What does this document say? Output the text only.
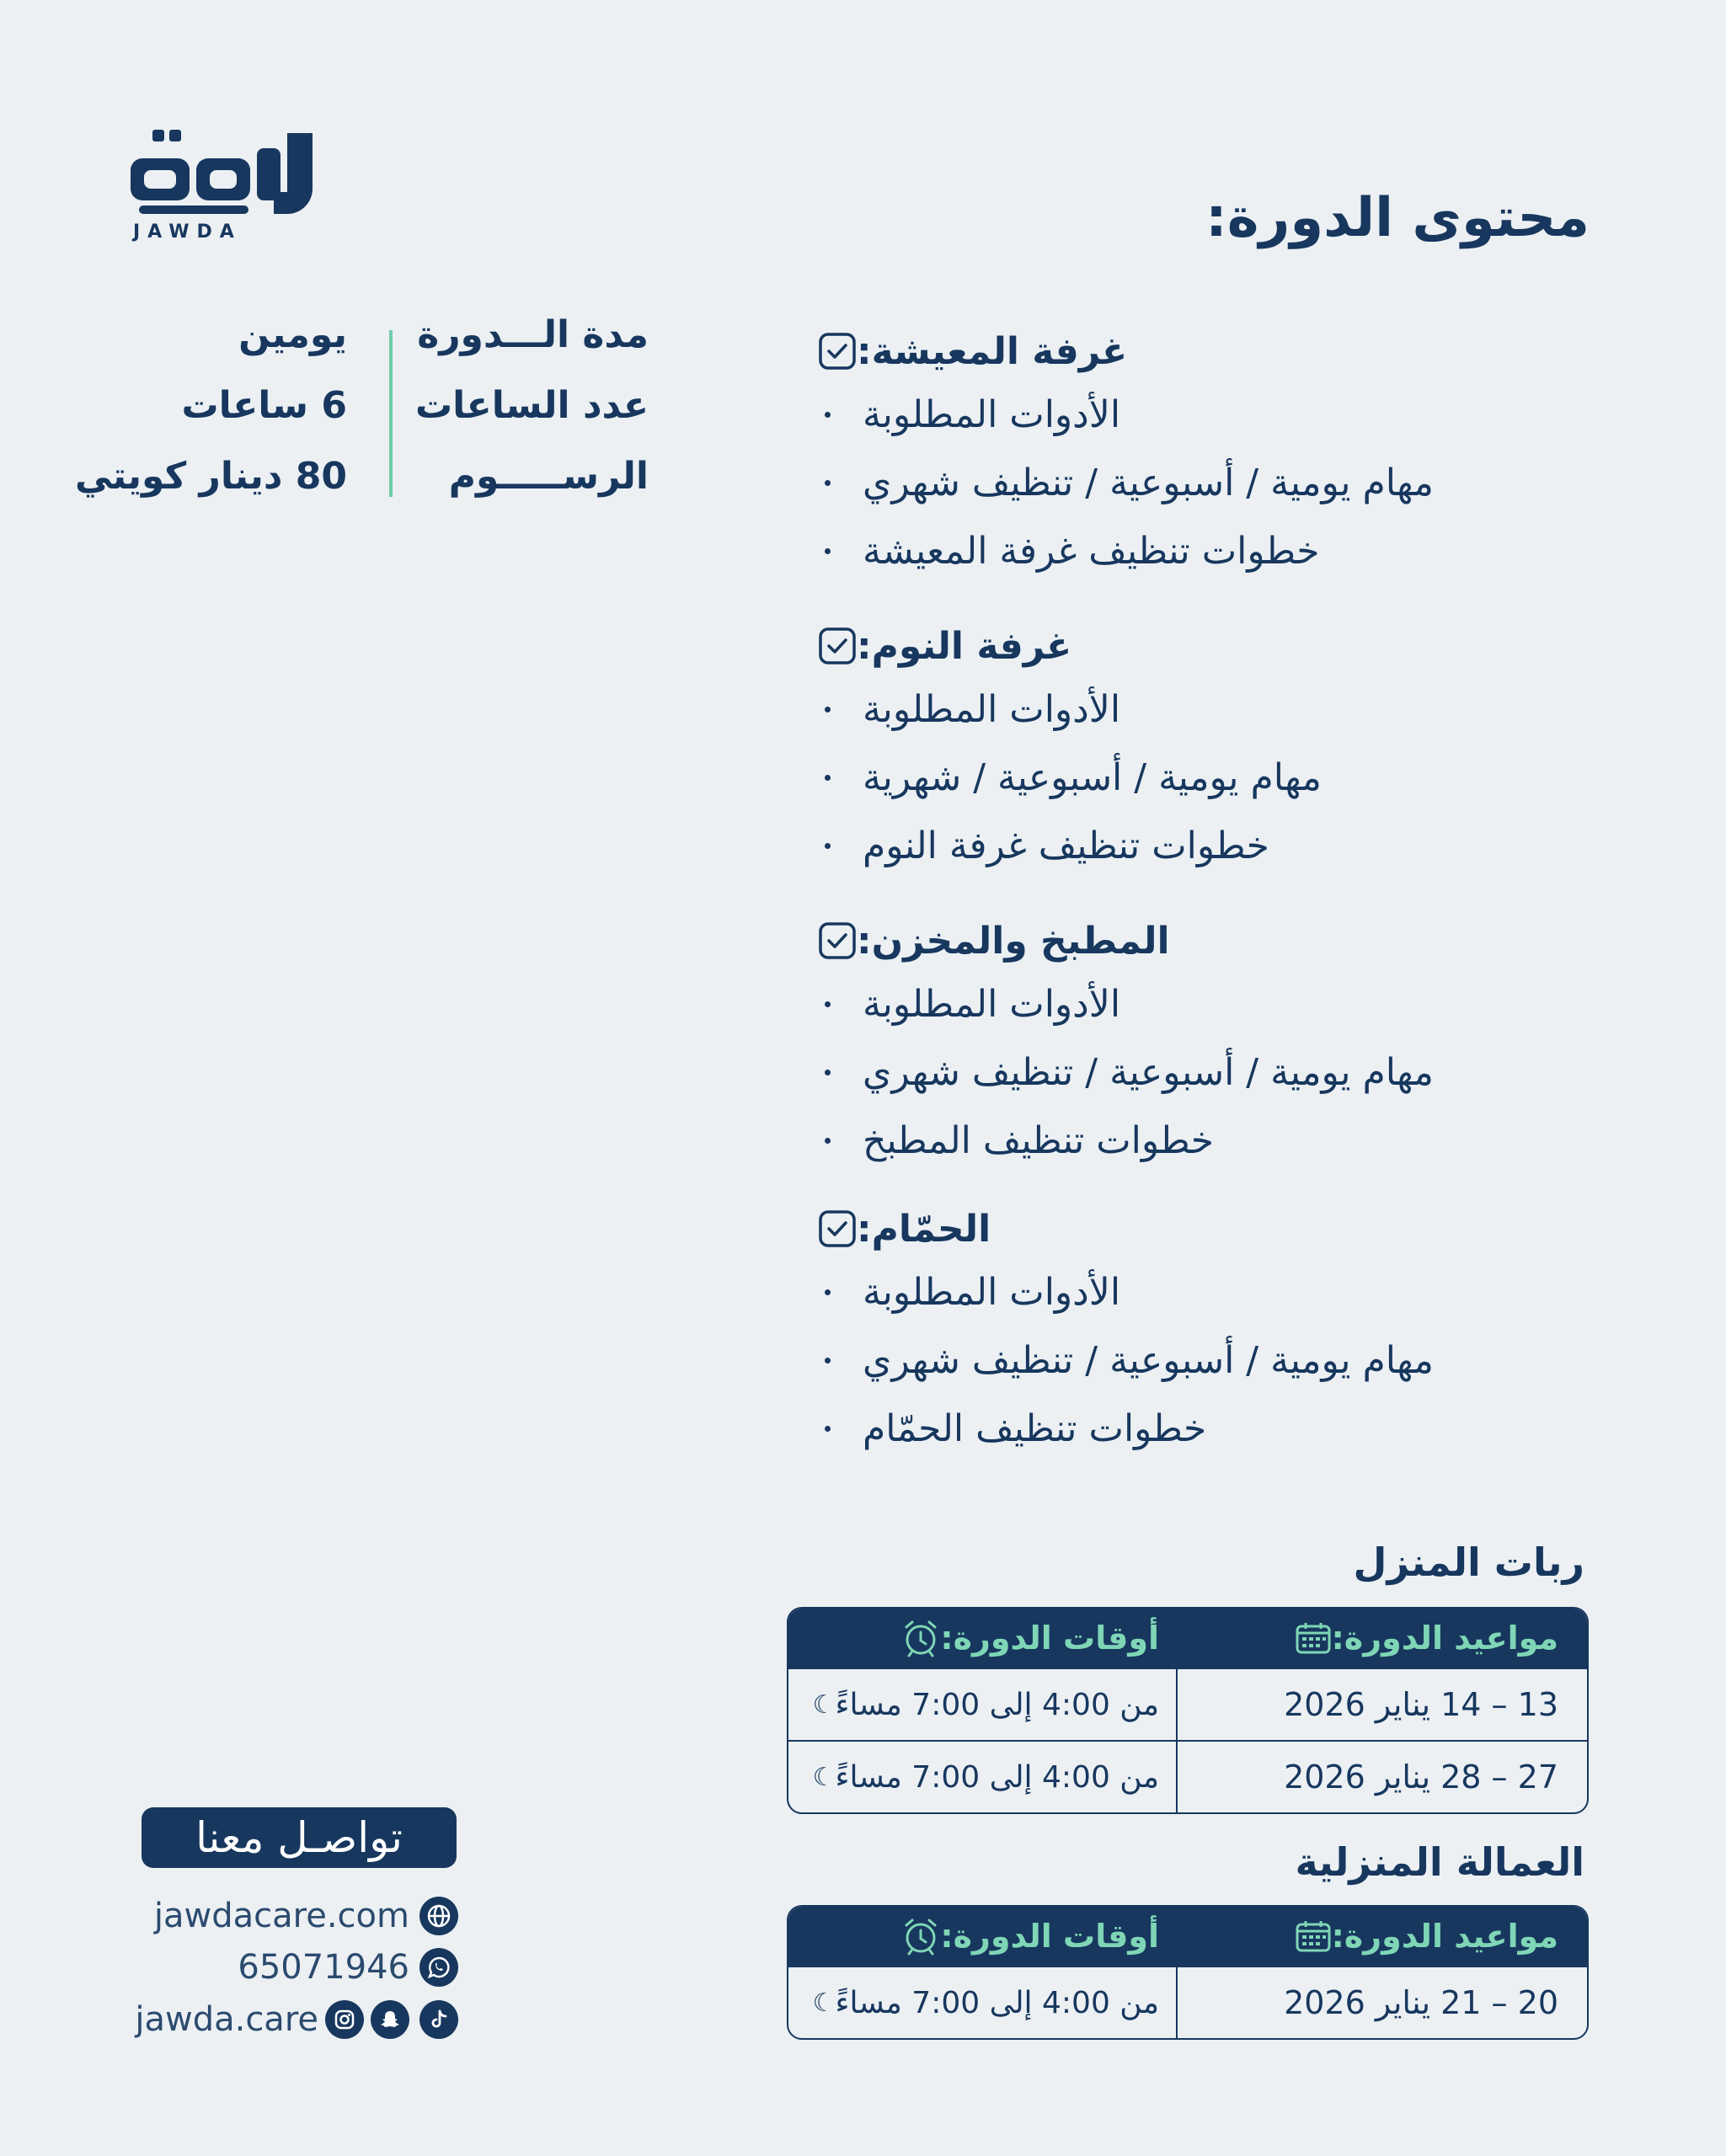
JAWDA	محتوى الدورة:
غرفة المعيشة:
الأدوات المطلوبة
مهام يومية / أسبوعية / تنظيف شهري
خطوات تنظيف غرفة المعيشة
غرفة النوم:
الأدوات المطلوبة
مهام يومية / أسبوعية / شهرية
خطوات تنظيف غرفة النوم
المطبخ والمخزن:
الأدوات المطلوبة
مهام يومية / أسبوعية / تنظيف شهري
خطوات تنظيف المطبخ
الحمّام:
الأدوات المطلوبة
مهام يومية / أسبوعية / تنظيف شهري
خطوات تنظيف الحمّام
مدة الـــدورة
يومين
عدد الساعات
6 ساعات
الرســـــوم
80 دينار كويتي
ربات المنزل
مواعيد الدورة:
أوقات الدورة:
13 – 14 يناير 2026
☾ من 4:00 إلى 7:00 مساءً
27 – 28 يناير 2026
☾ من 4:00 إلى 7:00 مساءً
العمالة المنزلية
مواعيد الدورة:
أوقات الدورة:
20 – 21 يناير 2026
☾ من 4:00 إلى 7:00 مساءً
تواصـل معنا
jawdacare.com
65071946
jawda.care
